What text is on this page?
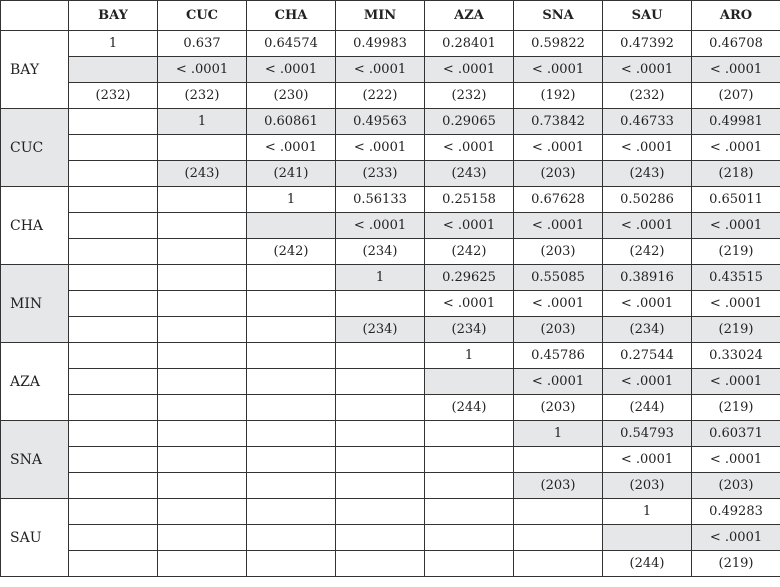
	BAY	CUC	CHA	MIN	AZA	SNA	SAU	ARO
BAY	1	0.637	0.64574	0.49983	0.28401	0.59822	0.47392	0.46708
		< .0001	< .0001	< .0001	< .0001	< .0001	< .0001	< .0001
	(232)	(232)	(230)	(222)	(232)	(192)	(232)	(207)
CUC		1	0.60861	0.49563	0.29065	0.73842	0.46733	0.49981
			< .0001	< .0001	< .0001	< .0001	< .0001	< .0001
		(243)	(241)	(233)	(243)	(203)	(243)	(218)
CHA			1	0.56133	0.25158	0.67628	0.50286	0.65011
				< .0001	< .0001	< .0001	< .0001	< .0001
			(242)	(234)	(242)	(203)	(242)	(219)
MIN				1	0.29625	0.55085	0.38916	0.43515
					< .0001	< .0001	< .0001	< .0001
				(234)	(234)	(203)	(234)	(219)
AZA					1	0.45786	0.27544	0.33024
						< .0001	< .0001	< .0001
					(244)	(203)	(244)	(219)
SNA						1	0.54793	0.60371
							< .0001	< .0001
						(203)	(203)	(203)
SAU							1	0.49283
								< .0001
							(244)	(219)
